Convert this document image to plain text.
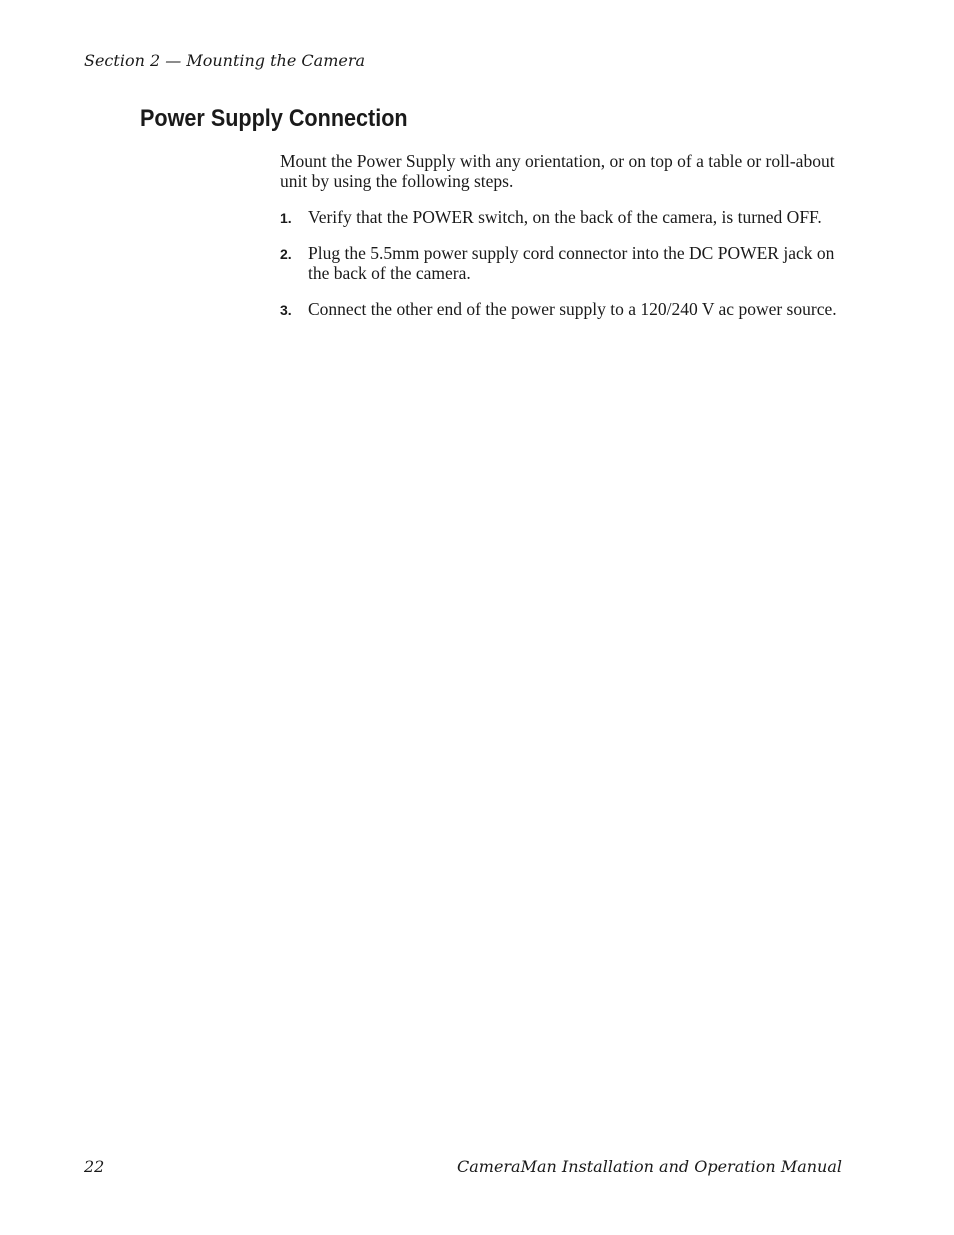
Section 2 — Mounting the Camera
Power Supply Connection

Mount the Power Supply with any orientation, or on top of a table or roll-about unit by using the following steps.

1. Verify that the POWER switch, on the back of the camera, is turned OFF.
2. Plug the 5.5mm power supply cord connector into the DC POWER jack on the back of the camera.
3. Connect the other end of the power supply to a 120/240 V ac power source.
22	CameraMan Installation and Operation Manual
